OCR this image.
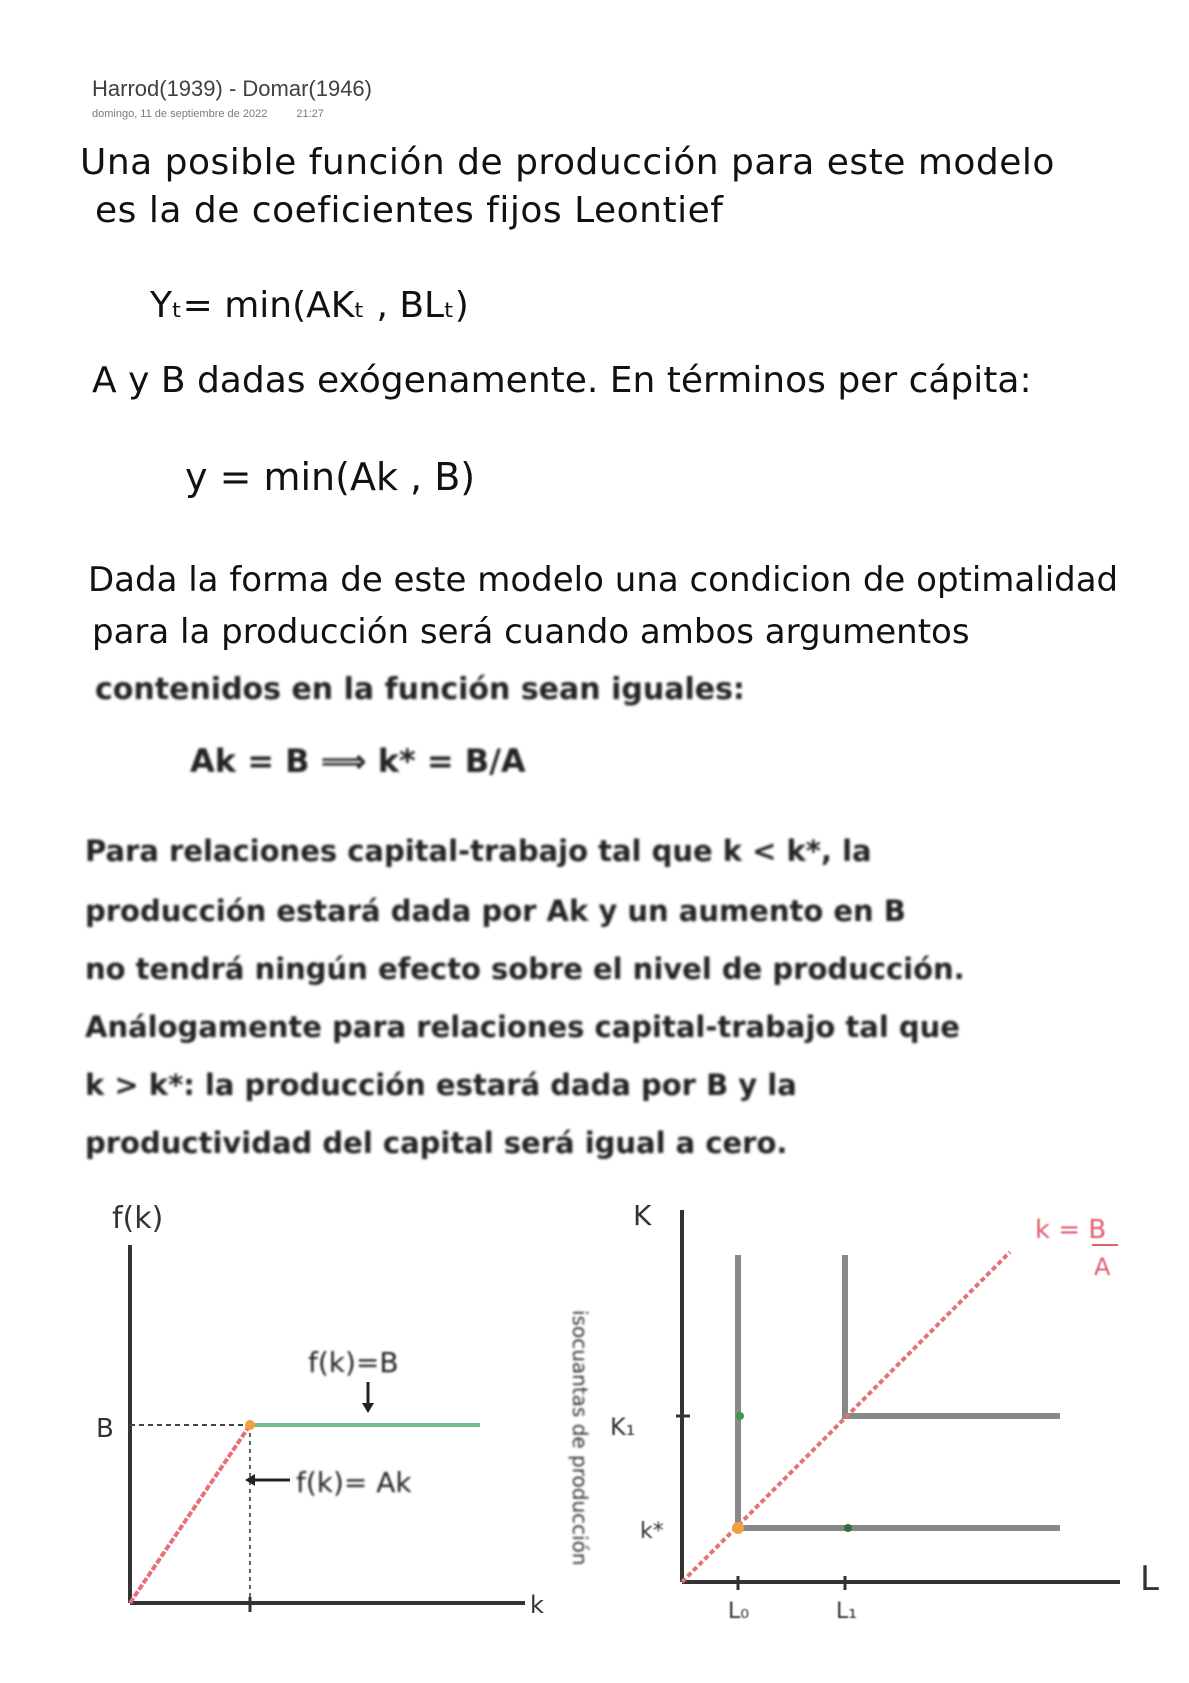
Harrod(1939) - Domar(1946)
domingo, 11 de septiembre de 2022	21:27
Una posible función de producción para este modelo
es la de coeficientes fijos Leontief
Yₜ= min(AKₜ , BLₜ)
A y B dadas exógenamente. En términos per cápita:
y = min(Ak , B)
Dada la forma de este modelo una condicion de optimalidad
para la producción será cuando ambos argumentos
contenidos en la función sean iguales:
Ak = B ⟹ k* = B/A
Para relaciones capital-trabajo tal que k < k*, la
producción estará dada por Ak y un aumento en B
no tendrá ningún efecto sobre el nivel de producción.
Análogamente para relaciones capital-trabajo tal que
k > k*: la producción estará dada por B y la
productividad del capital será igual a cero.
f(k)
k
B
f(k)=B
f(k)= Ak
K
L
k = B
A
K₁
k*
L₀	L₁
isocuantas de producción
